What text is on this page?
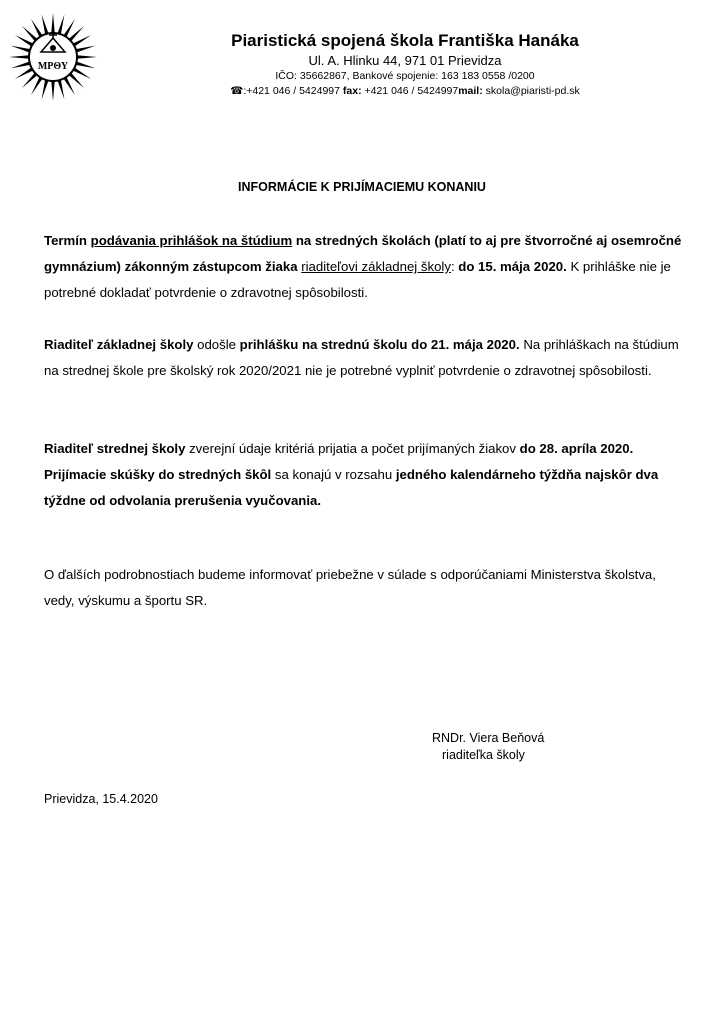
ΜΡΘΥ
Piaristická spojená škola Františka Hanáka
Ul. A. Hlinku 44, 971 01 Prievidza
IČO: 35662867, Bankové spojenie: 163 183 0558 /0200
☎:+421 046 / 5424997 fax: +421 046 / 5424997mail: skola@piaristi-pd.sk
INFORMÁCIE K PRIJÍMACIEMU KONANIU
Termín podávania prihlášok na štúdium na stredných školách (platí to aj pre štvorročné aj osemročné gymnázium) zákonným zástupcom žiaka riaditeľovi základnej školy: do 15. mája 2020. K prihláške nie je potrebné dokladať potvrdenie o zdravotnej spôsobilosti.
Riaditeľ základnej školy odošle prihlášku na strednú školu do 21. mája 2020. Na prihláškach na štúdium na strednej škole pre školský rok 2020/2021 nie je potrebné vyplniť potvrdenie o zdravotnej spôsobilosti.
Riaditeľ strednej školy zverejní údaje kritériá prijatia a počet prijímaných žiakov do 28. apríla 2020.
Prijímacie skúšky do stredných škôl sa konajú v rozsahu jedného kalendárneho týždňa najskôr dva týždne od odvolania prerušenia vyučovania.
O ďalších podrobnostiach budeme informovať priebežne v súlade s odporúčaniami Ministerstva školstva, vedy, výskumu a športu SR.
RNDr. Viera Beňová
riaditeľka školy
Prievidza, 15.4.2020
